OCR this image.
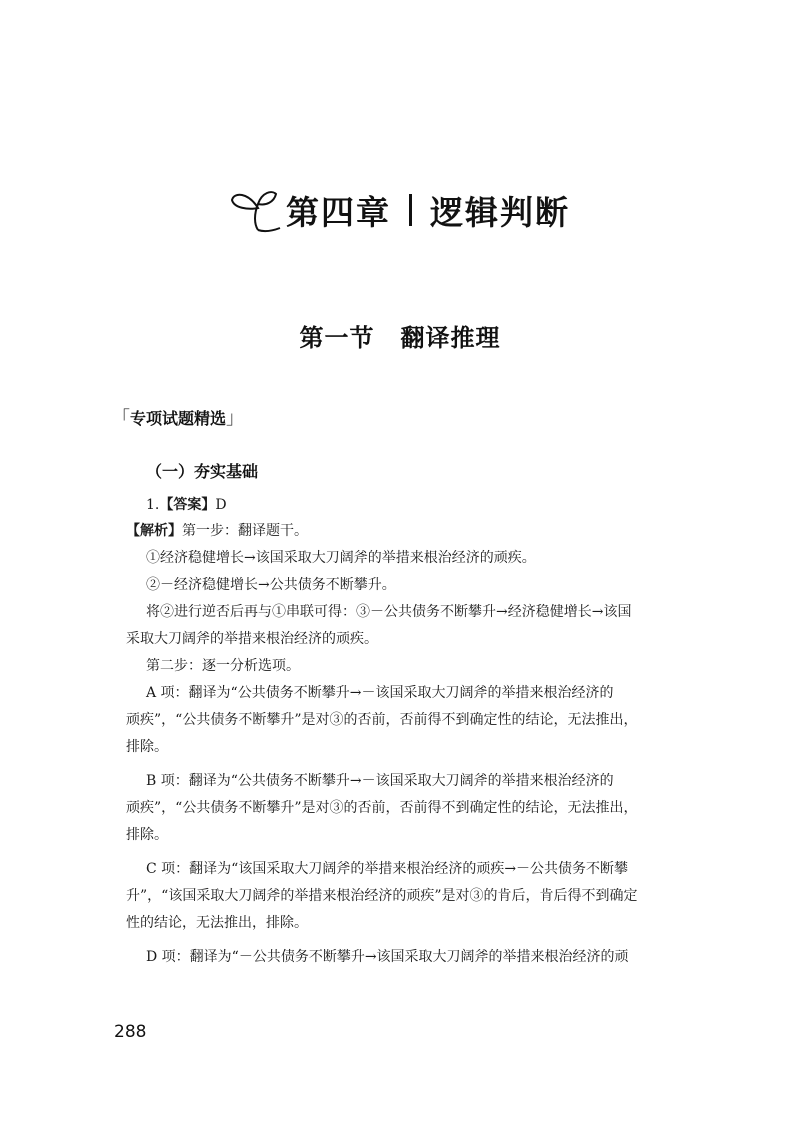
第四章 逻辑判断
第一节 翻译推理
「专项试题精选」
（一）夯实基础
1.【答案】D
【解析】第一步：翻译题干。
①经济稳健增长→该国采取大刀阔斧的举措来根治经济的顽疾。
②－经济稳健增长→公共债务不断攀升。
将②进行逆否后再与①串联可得：③－公共债务不断攀升→经济稳健增长→该国
采取大刀阔斧的举措来根治经济的顽疾。
第二步：逐一分析选项。
A 项：翻译为“公共债务不断攀升→－该国采取大刀阔斧的举措来根治经济的
顽疾”，“公共债务不断攀升”是对③的否前，否前得不到确定性的结论，无法推出，
排除。
B 项：翻译为“公共债务不断攀升→－该国采取大刀阔斧的举措来根治经济的
顽疾”，“公共债务不断攀升”是对③的否前，否前得不到确定性的结论，无法推出，
排除。
C 项：翻译为“该国采取大刀阔斧的举措来根治经济的顽疾→－公共债务不断攀
升”，“该国采取大刀阔斧的举措来根治经济的顽疾”是对③的肯后，肯后得不到确定
性的结论，无法推出，排除。
D 项：翻译为“－公共债务不断攀升→该国采取大刀阔斧的举措来根治经济的顽
288
